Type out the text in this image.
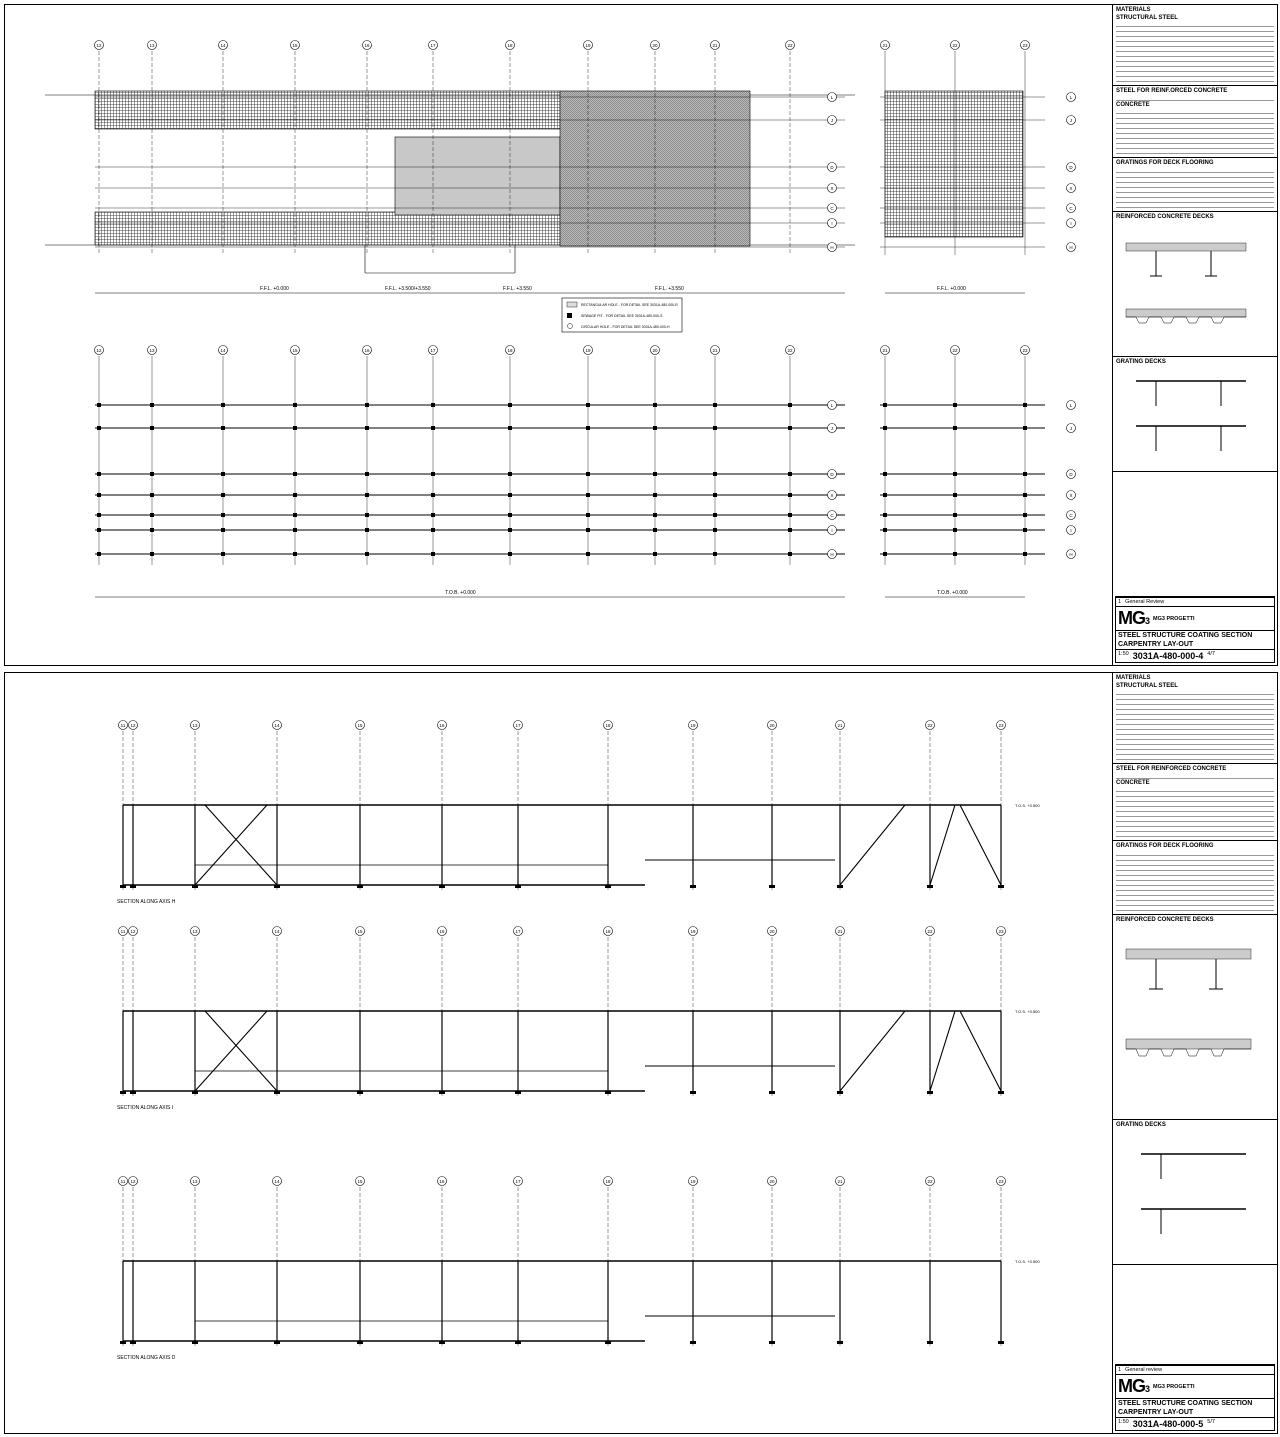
F.F.L. +0.000	F.F.L. +3.500/+3.550	F.F.L. +3.550	F.F.L. +3.550	F.F.L. +0.000
T.O.B. +0.000	T.O.B. +0.000
RECTANGULAR HOLE - FOR DETAIL SEE 3031A-480-000-R
SEWAGE PIT - FOR DETAIL SEE 3031A-480-000-S
CIRCULAR HOLE - FOR DETAIL SEE 3031A-480-000-H
12	13	14	15	16	17	18	19	20	21	22	21	22	23
L	L
J	J
D	D
X	X
C	C
I	I
H	H
12	13	14	15	16	17	18	19	20	21	22	21	22	23
L	L
J	J
D	D
X	X
C	C
I	I
H	H
MATERIALS
STRUCTURAL STEEL
STEEL FOR REINF.ORCED CONCRETE
CONCRETE
GRATINGS FOR DECK FLOORING
REINFORCED CONCRETE DECKS
GRATING DECKS
1 General Review
MG3 MG3 PROGETTI
STEEL STRUCTURE COATING SECTION
CARPENTRY LAY-OUT
1:50 3031A-480-000-4 4/7
11 12	13	14	15	16	17	18	19	20	21	22	23
SECTION ALONG AXIS H
T.O.S. +3.500
11 12	13	14	15	16	17	18	19	20	21	22	23
SECTION ALONG AXIS I
T.O.S. +3.500
11 12	13	14	15	16	17	18	19	20	21	22	23
SECTION ALONG AXIS D
T.O.S. +3.500
MATERIALS
STRUCTURAL STEEL
STEEL FOR REINFORCED CONCRETE
CONCRETE
GRATINGS FOR DECK FLOORING
REINFORCED CONCRETE DECKS
GRATING DECKS
1 General review
MG3 MG3 PROGETTI
STEEL STRUCTURE COATING SECTION
CARPENTRY LAY-OUT
1:50 3031A-480-000-5 5/7
